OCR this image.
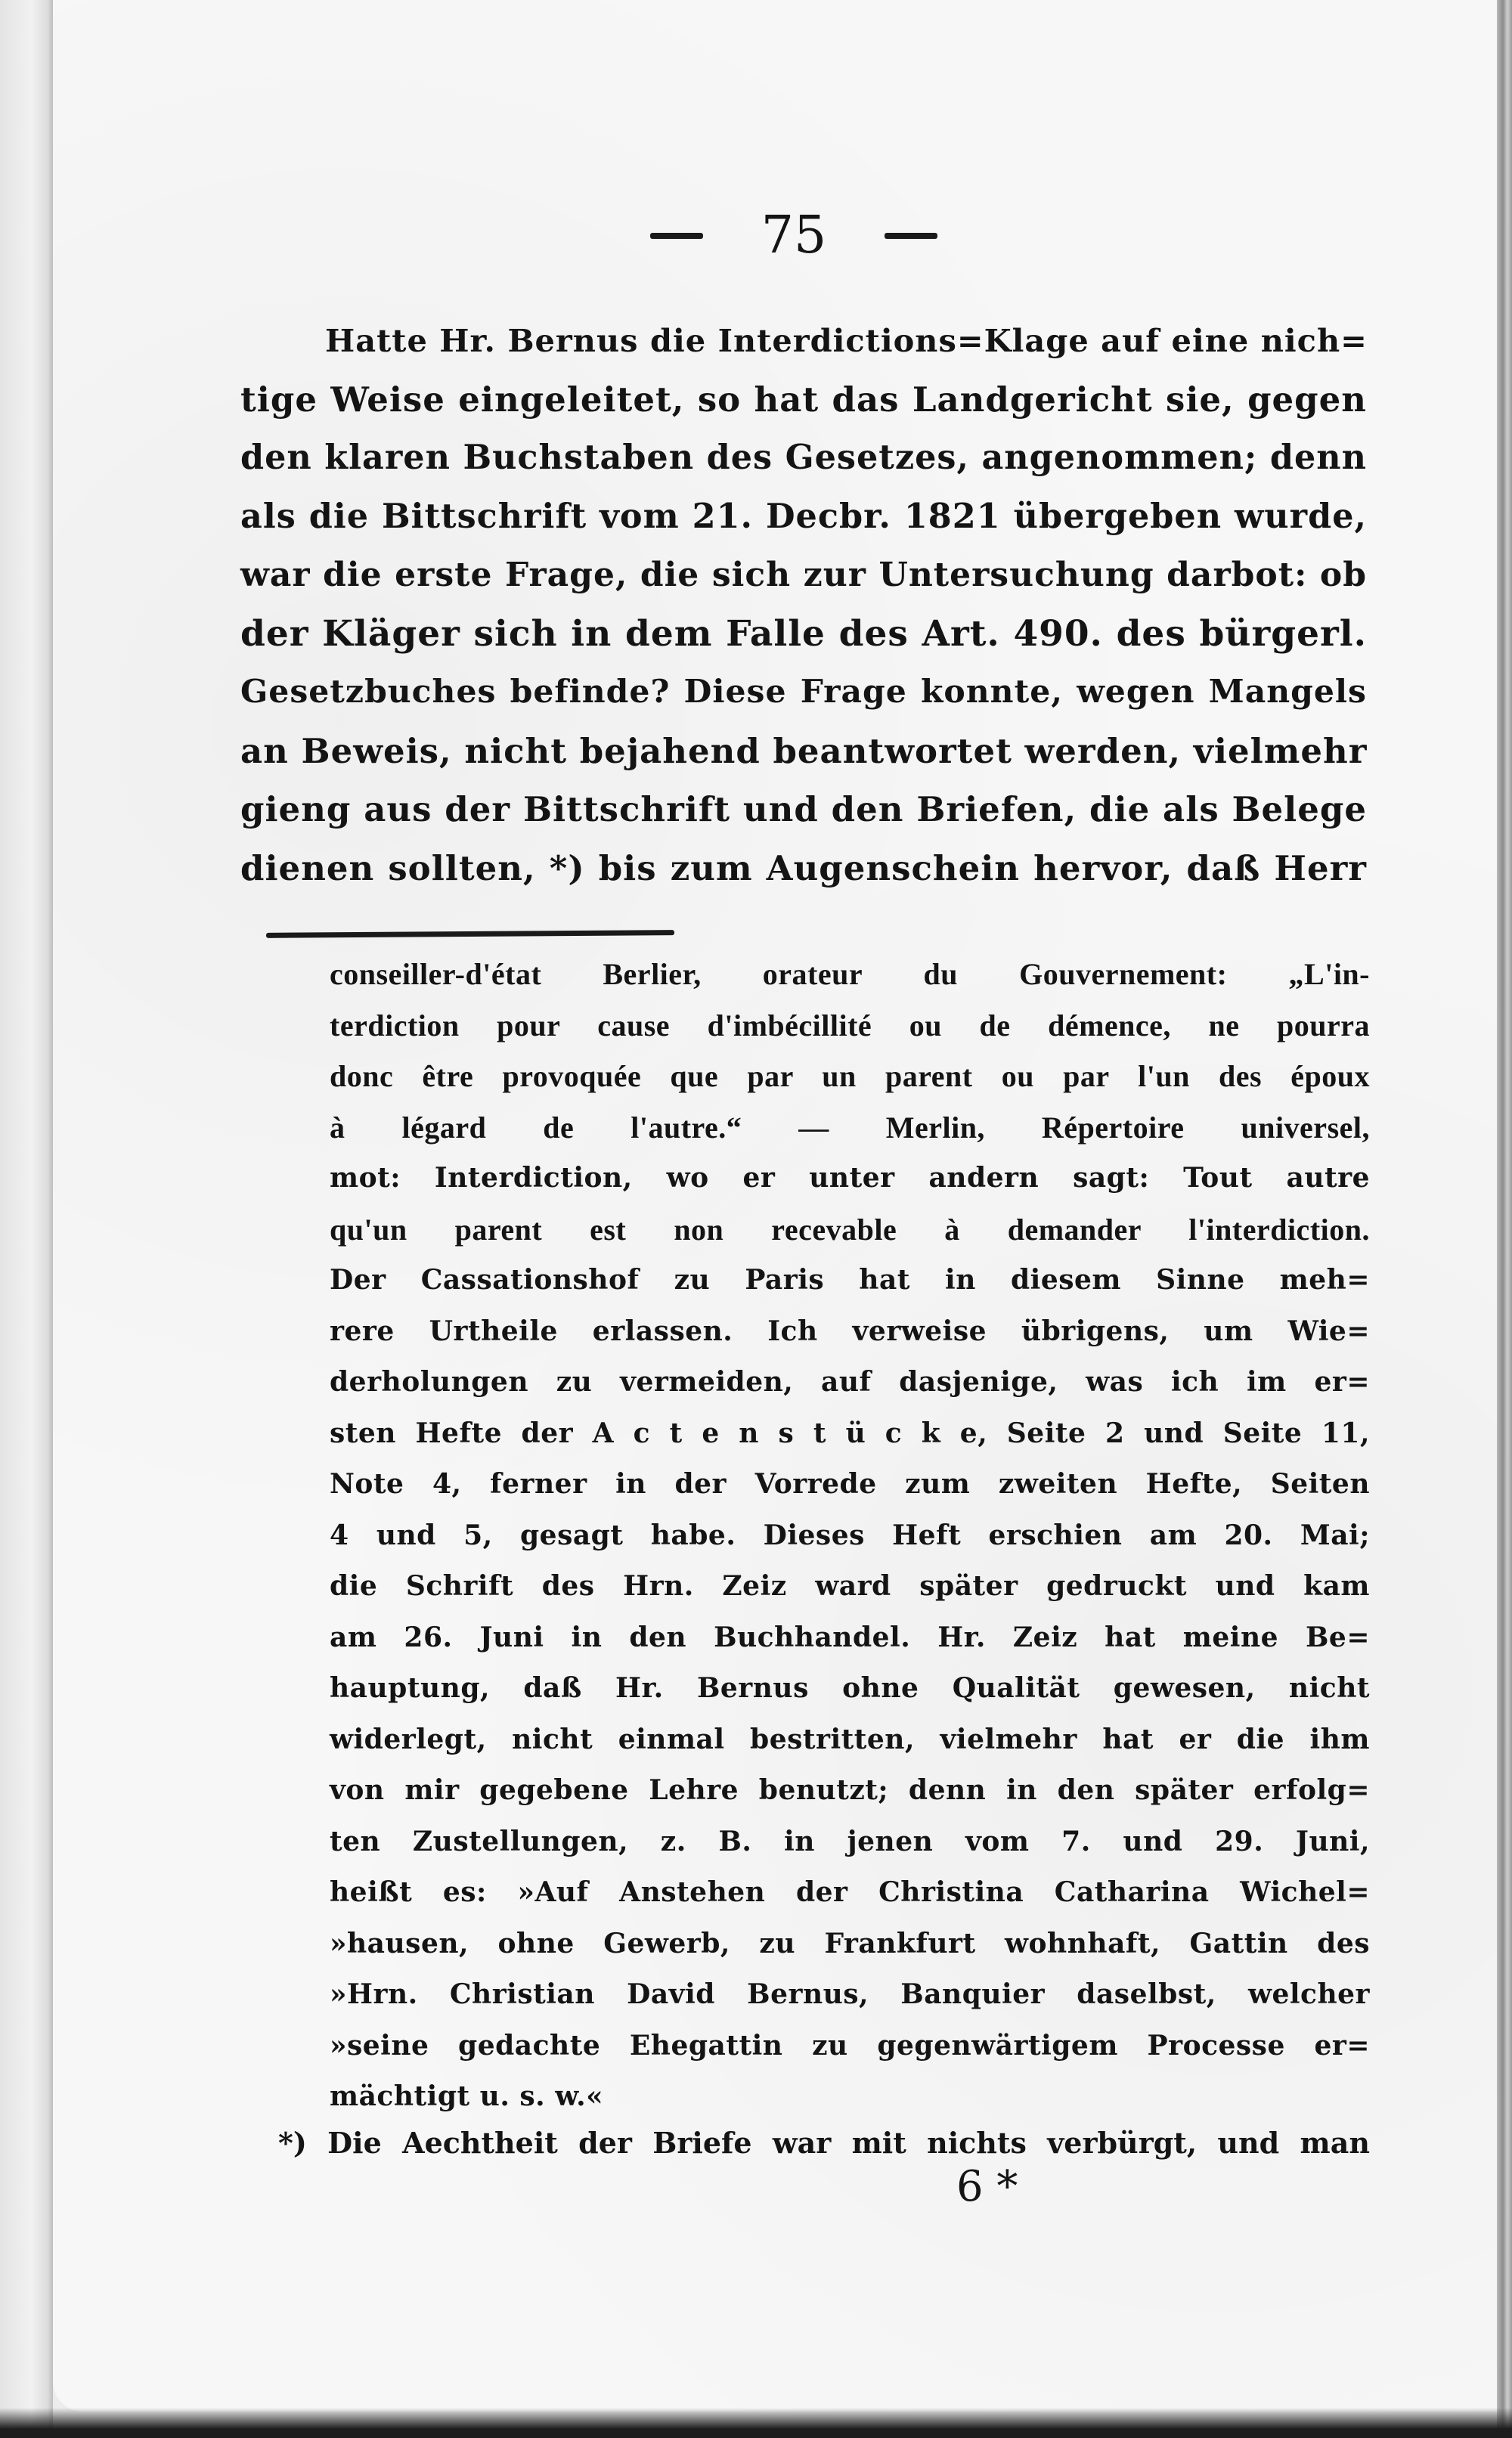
75
Hatte Hr. Bernus die Interdictions=Klage auf eine nich=
tige Weise eingeleitet, so hat das Landgericht sie, gegen
den klaren Buchstaben des Gesetzes, angenommen; denn
als die Bittschrift vom 21. Decbr. 1821 übergeben wurde,
war die erste Frage, die sich zur Untersuchung darbot: ob
der Kläger sich in dem Falle des Art. 490. des bürgerl.
Gesetzbuches befinde? Diese Frage konnte, wegen Mangels
an Beweis, nicht bejahend beantwortet werden, vielmehr
gieng aus der Bittschrift und den Briefen, die als Belege
dienen sollten, *) bis zum Augenschein hervor, daß Herr
conseiller-d'état Berlier, orateur du Gouvernement: „L'in-
terdiction pour cause d'imbécillité ou de démence, ne pourra
donc être provoquée que par un parent ou par l'un des époux
à légard de l'autre.“ — Merlin, Répertoire universel,
mot: Interdiction, wo er unter andern sagt: Tout autre
qu'un parent est non recevable à demander l'interdiction.
Der Cassationshof zu Paris hat in diesem Sinne meh=
rere Urtheile erlassen. Ich verweise übrigens, um Wie=
derholungen zu vermeiden, auf dasjenige, was ich im er=
sten Hefte der A c t e n s t ü c k e, Seite 2 und Seite 11,
Note 4, ferner in der Vorrede zum zweiten Hefte, Seiten
4 und 5, gesagt habe. Dieses Heft erschien am 20. Mai;
die Schrift des Hrn. Zeiz ward später gedruckt und kam
am 26. Juni in den Buchhandel. Hr. Zeiz hat meine Be=
hauptung, daß Hr. Bernus ohne Qualität gewesen, nicht
widerlegt, nicht einmal bestritten, vielmehr hat er die ihm
von mir gegebene Lehre benutzt; denn in den später erfolg=
ten Zustellungen, z. B. in jenen vom 7. und 29. Juni,
heißt es: »Auf Anstehen der Christina Catharina Wichel=
»hausen, ohne Gewerb, zu Frankfurt wohnhaft, Gattin des
»Hrn. Christian David Bernus, Banquier daselbst, welcher
»seine gedachte Ehegattin zu gegenwärtigem Processe er=
mächtigt u. s. w.«
*) Die Aechtheit der Briefe war mit nichts verbürgt, und man
6 *
